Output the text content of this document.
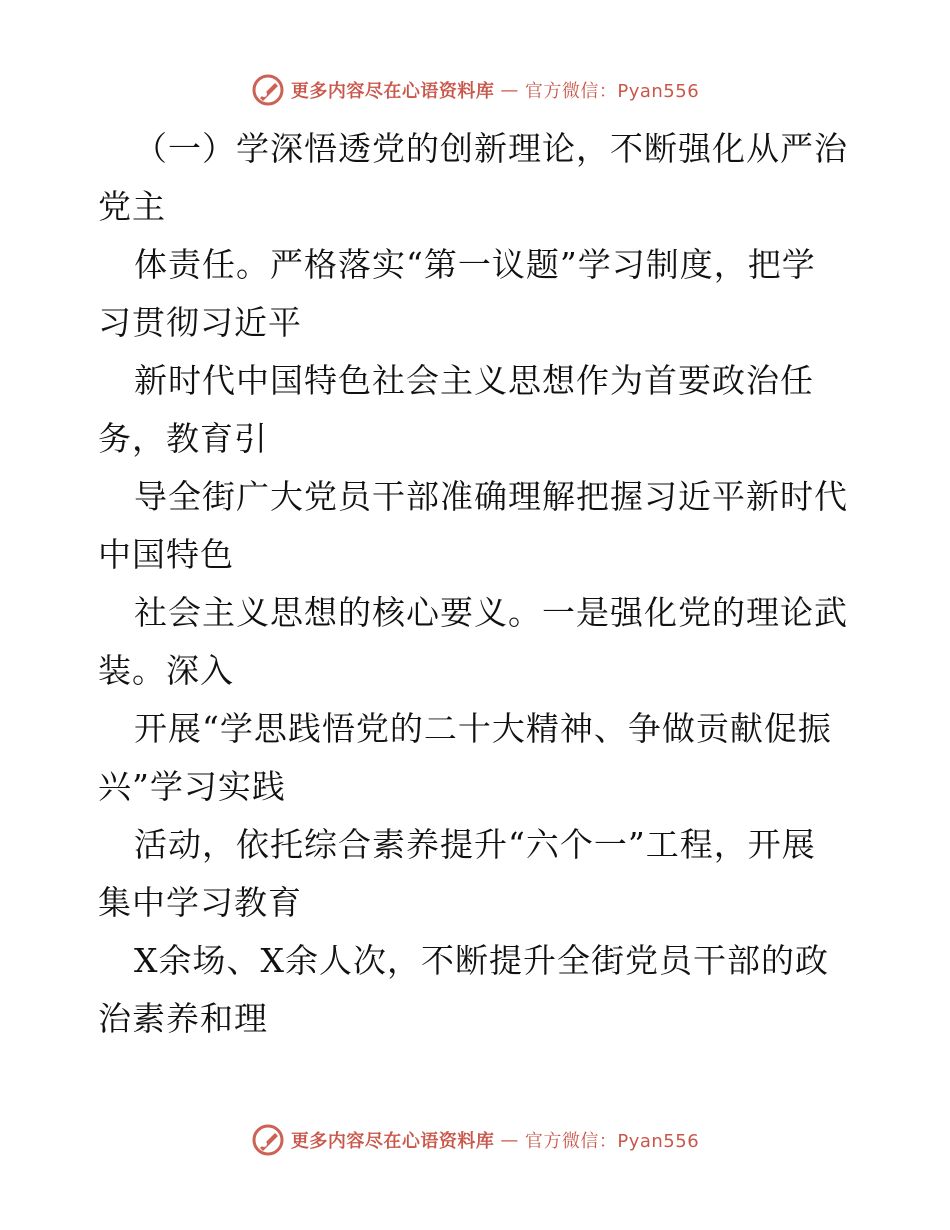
更多内容尽在心语资料库 — 官方微信：Pyan556
（一）学深悟透党的创新理论，不断强化从严治
党主
体责任。严格落实“第一议题”学习制度，把学
习贯彻习近平
新时代中国特色社会主义思想作为首要政治任
务，教育引
导全街广大党员干部准确理解把握习近平新时代
中国特色
社会主义思想的核心要义。一是强化党的理论武
装。深入
开展“学思践悟党的二十大精神、争做贡献促振
兴”学习实践
活动，依托综合素养提升“六个一”工程，开展
集中学习教育
X余场、X余人次，不断提升全街党员干部的政
治素养和理
更多内容尽在心语资料库 — 官方微信：Pyan556
